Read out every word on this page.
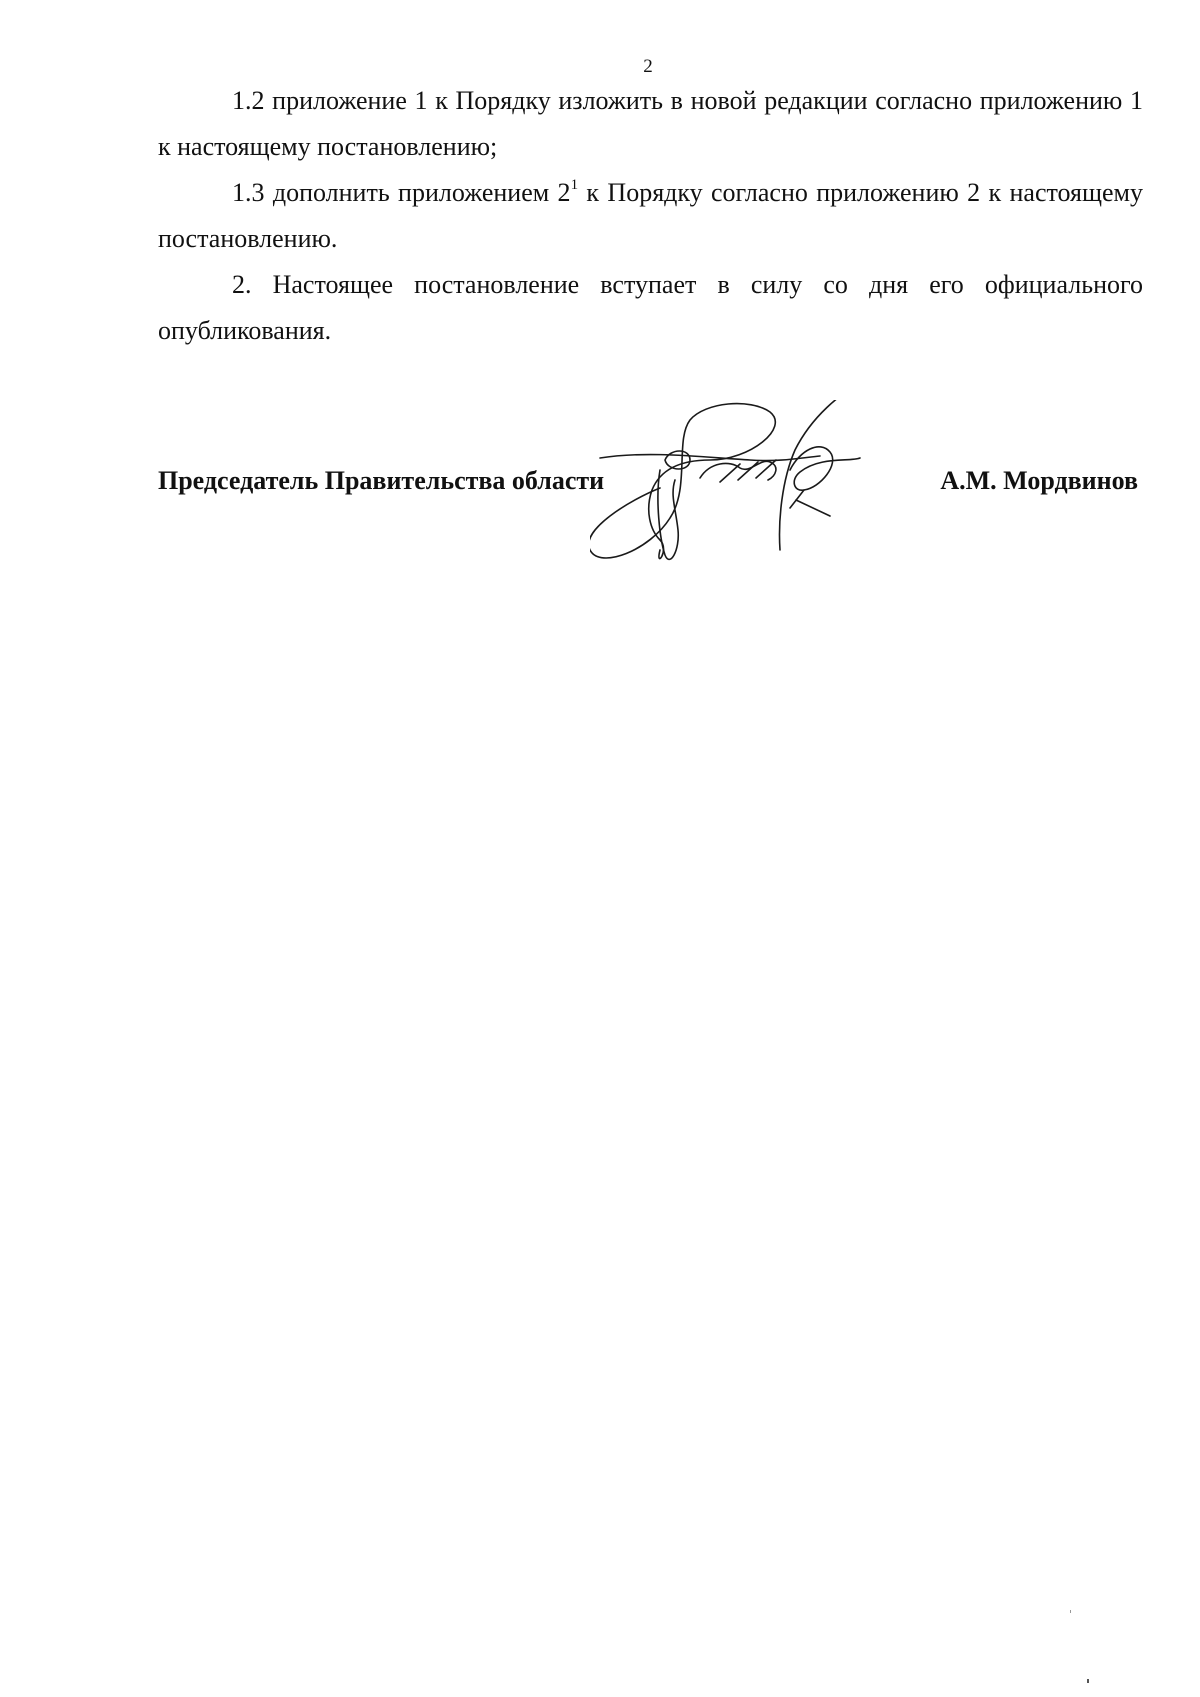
2

1.2 приложение 1 к Порядку изложить в новой редакции согласно приложению 1 к настоящему постановлению;

1.3 дополнить приложением $2^1$ к Порядку согласно приложению 2 к настоящему постановлению.

2. Настоящее постановление вступает в силу со дня его официального опубликования.

Председатель Правительства области	А.М. Мордвинов
